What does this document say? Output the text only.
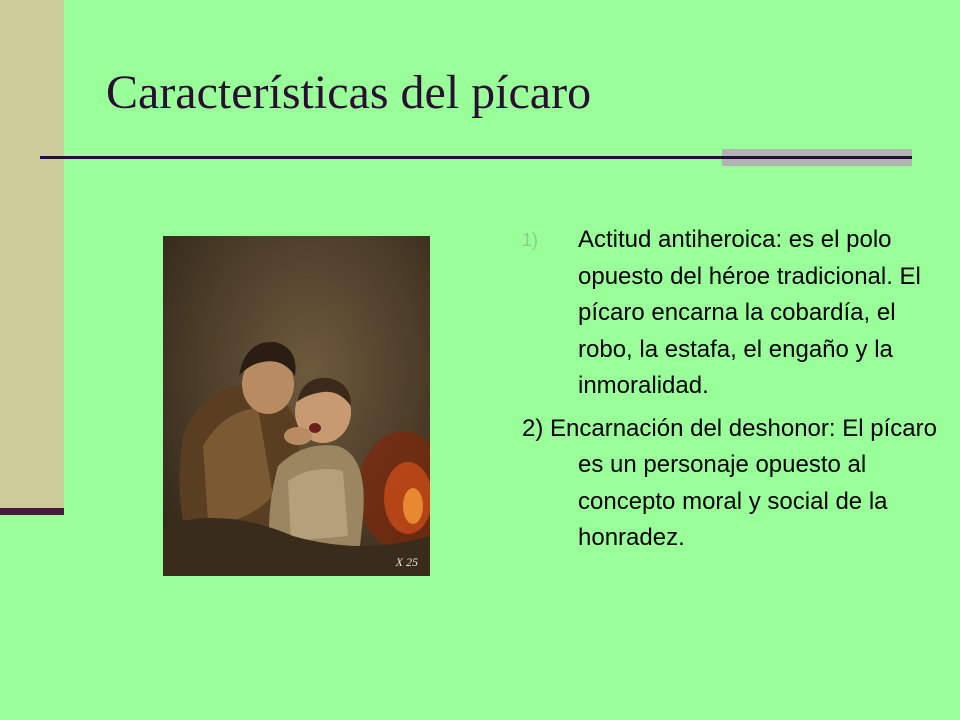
Características del pícaro
X 25
1) Actitud antiheroica: es el polo opuesto del héroe tradicional. El pícaro encarna la cobardía, el robo, la estafa, el engaño y la inmoralidad.
2) Encarnación del deshonor: El pícaro es un personaje opuesto al concepto moral y social de la honradez.
